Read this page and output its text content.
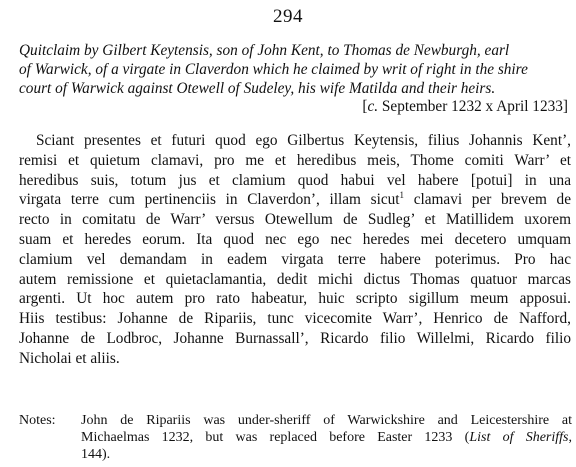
294
Quitclaim by Gilbert Keytensis, son of John Kent, to Thomas de Newburgh, earl
of Warwick, of a virgate in Claverdon which he claimed by writ of right in the shire
court of Warwick against Otewell of Sudeley, his wife Matilda and their heirs.
[c. September 1232 x April 1233]
Sciant presentes et futuri quod ego Gilbertus Keytensis, filius Johannis Kent’,
remisi et quietum clamavi, pro me et heredibus meis, Thome comiti Warr’ et
heredibus suis, totum jus et clamium quod habui vel habere [potui] in una
virgata terre cum pertinenciis in Claverdon’, illam sicut$^1$ clamavi per brevem de
recto in comitatu de Warr’ versus Otewellum de Sudleg’ et Matillidem uxorem
suam et heredes eorum. Ita quod nec ego nec heredes mei decetero umquam
clamium vel demandam in eadem virgata terre habere poterimus. Pro hac
autem remissione et quietaclamantia, dedit michi dictus Thomas quatuor marcas
argenti. Ut hoc autem pro rato habeatur, huic scripto sigillum meum apposui.
Hiis testibus: Johanne de Ripariis, tunc vicecomite Warr’, Henrico de Nafford,
Johanne de Lodbroc, Johanne Burnassall’, Ricardo filio Willelmi, Ricardo filio
Nicholai et aliis.
Notes: John de Ripariis was under-sheriff of Warwickshire and Leicestershire at
Michaelmas 1232, but was replaced before Easter 1233 (List of Sheriffs,
144).
